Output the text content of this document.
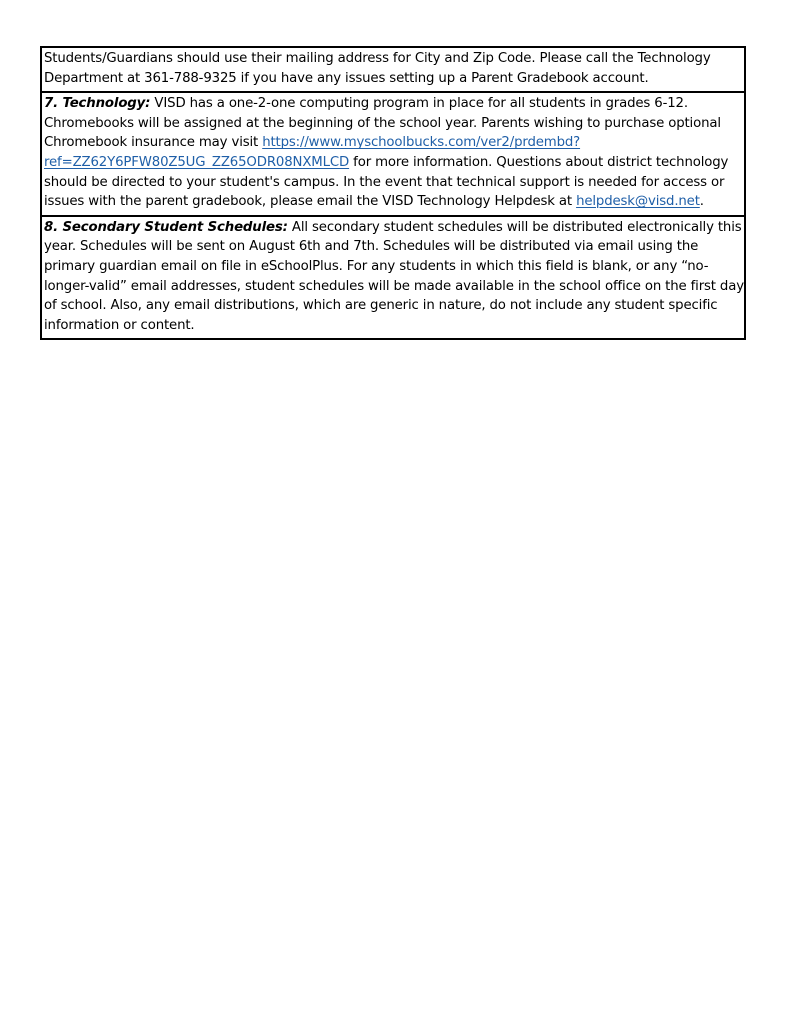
Students/Guardians should use their mailing address for City and Zip Code. Please call the Technology Department at 361-788-9325 if you have any issues setting up a Parent Gradebook account.
7. Technology: VISD has a one-2-one computing program in place for all students in grades 6-12. Chromebooks will be assigned at the beginning of the school year. Parents wishing to purchase optional Chromebook insurance may visit https://www.myschoolbucks.com/ver2/prdembd?ref=ZZ62Y6PFW80Z5UG_ZZ65ODR08NXMLCD for more information. Questions about district technology should be directed to your student's campus. In the event that technical support is needed for access or issues with the parent gradebook, please email the VISD Technology Helpdesk at helpdesk@visd.net.
8. Secondary Student Schedules: All secondary student schedules will be distributed electronically this year. Schedules will be sent on August 6th and 7th. Schedules will be distributed via email using the primary guardian email on file in eSchoolPlus. For any students in which this field is blank, or any “no-longer-valid” email addresses, student schedules will be made available in the school office on the first day of school. Also, any email distributions, which are generic in nature, do not include any student specific information or content.
